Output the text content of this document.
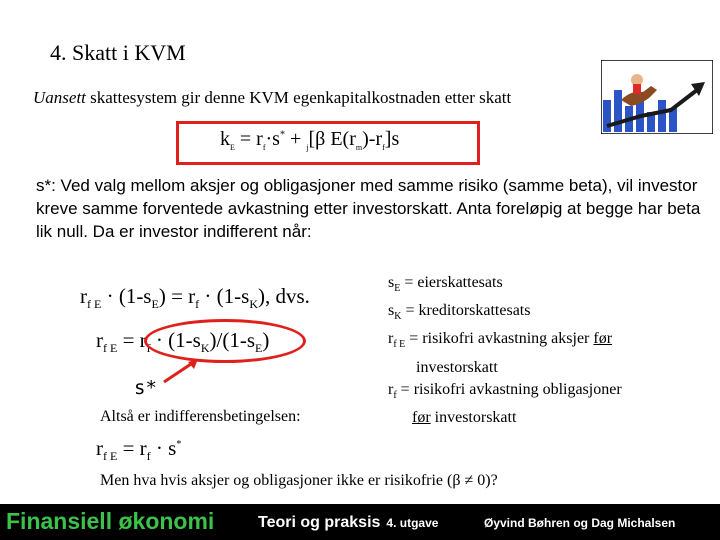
4. Skatt i KVM
Uansett skattesystem gir denne KVM egenkapitalkostnaden etter skatt
$k_E = r_f\cdot s^* + _j[\beta$ $E(r_m)-r_f]s$
s*: Ved valg mellom aksjer og obligasjoner med samme risiko (samme beta), vil investor kreve samme forventede avkastning etter investorskatt. Anta foreløpig at begge har beta lik null. Da er investor indifferent når:
$r_{f E} \cdot (1-s_E) = r_f \cdot (1-s_K)$, dvs.
$r_{f E} = r_f \cdot (1-s_K)/(1-s_E)$
s*
Altså er indifferensbetingelsen:
$r_{f E} = r_f \cdot s^*$
$s_E$ = eierskattesats
$s_K$ = kreditorskattesats
$r_{f E}$ = risikofri avkastning aksjer før
investorskatt
$r_f$ = risikofri avkastning obligasjoner
før investorskatt
Men hva hvis aksjer og obligasjoner ikke er risikofrie (β ≠ 0)?
Finansiell økonomi	Teori og praksis 4. utgave	Øyvind Bøhren og Dag Michalsen
